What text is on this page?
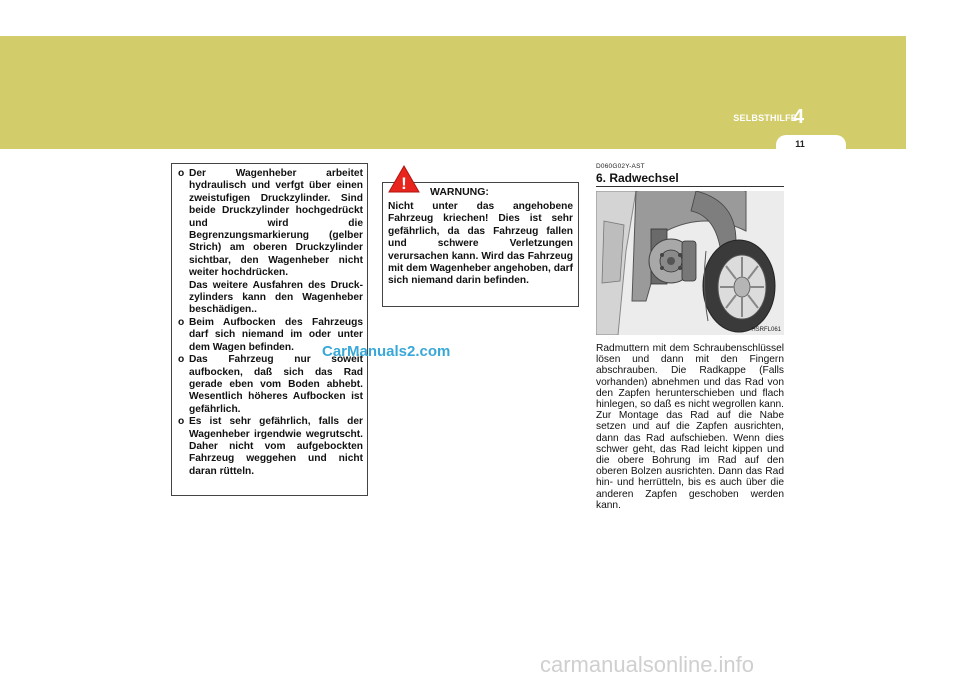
SELBSTHILFE
4
11
o Der Wagenheber arbeitet hydraulisch und verfgt über einen zweistufigen Druckzylinder. Sind beide Druckzylinder hochgedrückt und wird die Begrenzungsmarkierung (gelber Strich) am oberen Druckzylinder sichtbar, den Wagenheber nicht weiter hochdrücken.

Das weitere Ausfahren des Druck-zylinders kann den Wagenheber beschädigen..

o Beim Aufbocken des Fahrzeugs darf sich niemand im oder unter dem Wagen befinden.

o Das Fahrzeug nur soweit aufbocken, daß sich das Rad gerade eben vom Boden abhebt. Wesentlich höheres Aufbocken ist gefährlich.

o Es ist sehr gefährlich, falls der Wagenheber irgendwie wegrutscht. Daher nicht vom aufgebockten Fahrzeug weggehen und nicht daran rütteln.

Nicht unter das angehobene Fahrzeug kriechen! Dies ist sehr gefährlich, da das Fahrzeug fallen und schwere Verletzungen verursachen kann. Wird das Fahrzeug mit dem Wagenheber angehoben, darf sich niemand darin befinden.
! WARNUNG:
CarManuals2.com
D060G02Y-AST
6. Radwechsel
HSRFL061
Radmuttern mit dem Schraubenschlüssel lösen und dann mit den Fingern abschrauben. Die Radkappe (Falls vorhanden) abnehmen und das Rad von den Zapfen herunterschieben und flach hinlegen, so daß es nicht wegrollen kann. Zur Montage das Rad auf die Nabe setzen und auf die Zapfen ausrichten, dann das Rad aufschieben. Wenn dies schwer geht, das Rad leicht kippen und die obere Bohrung im Rad auf den oberen Bolzen ausrichten. Dann das Rad hin- und herrütteln, bis es auch über die anderen Zapfen geschoben werden kann.
carmanualsonline.info
